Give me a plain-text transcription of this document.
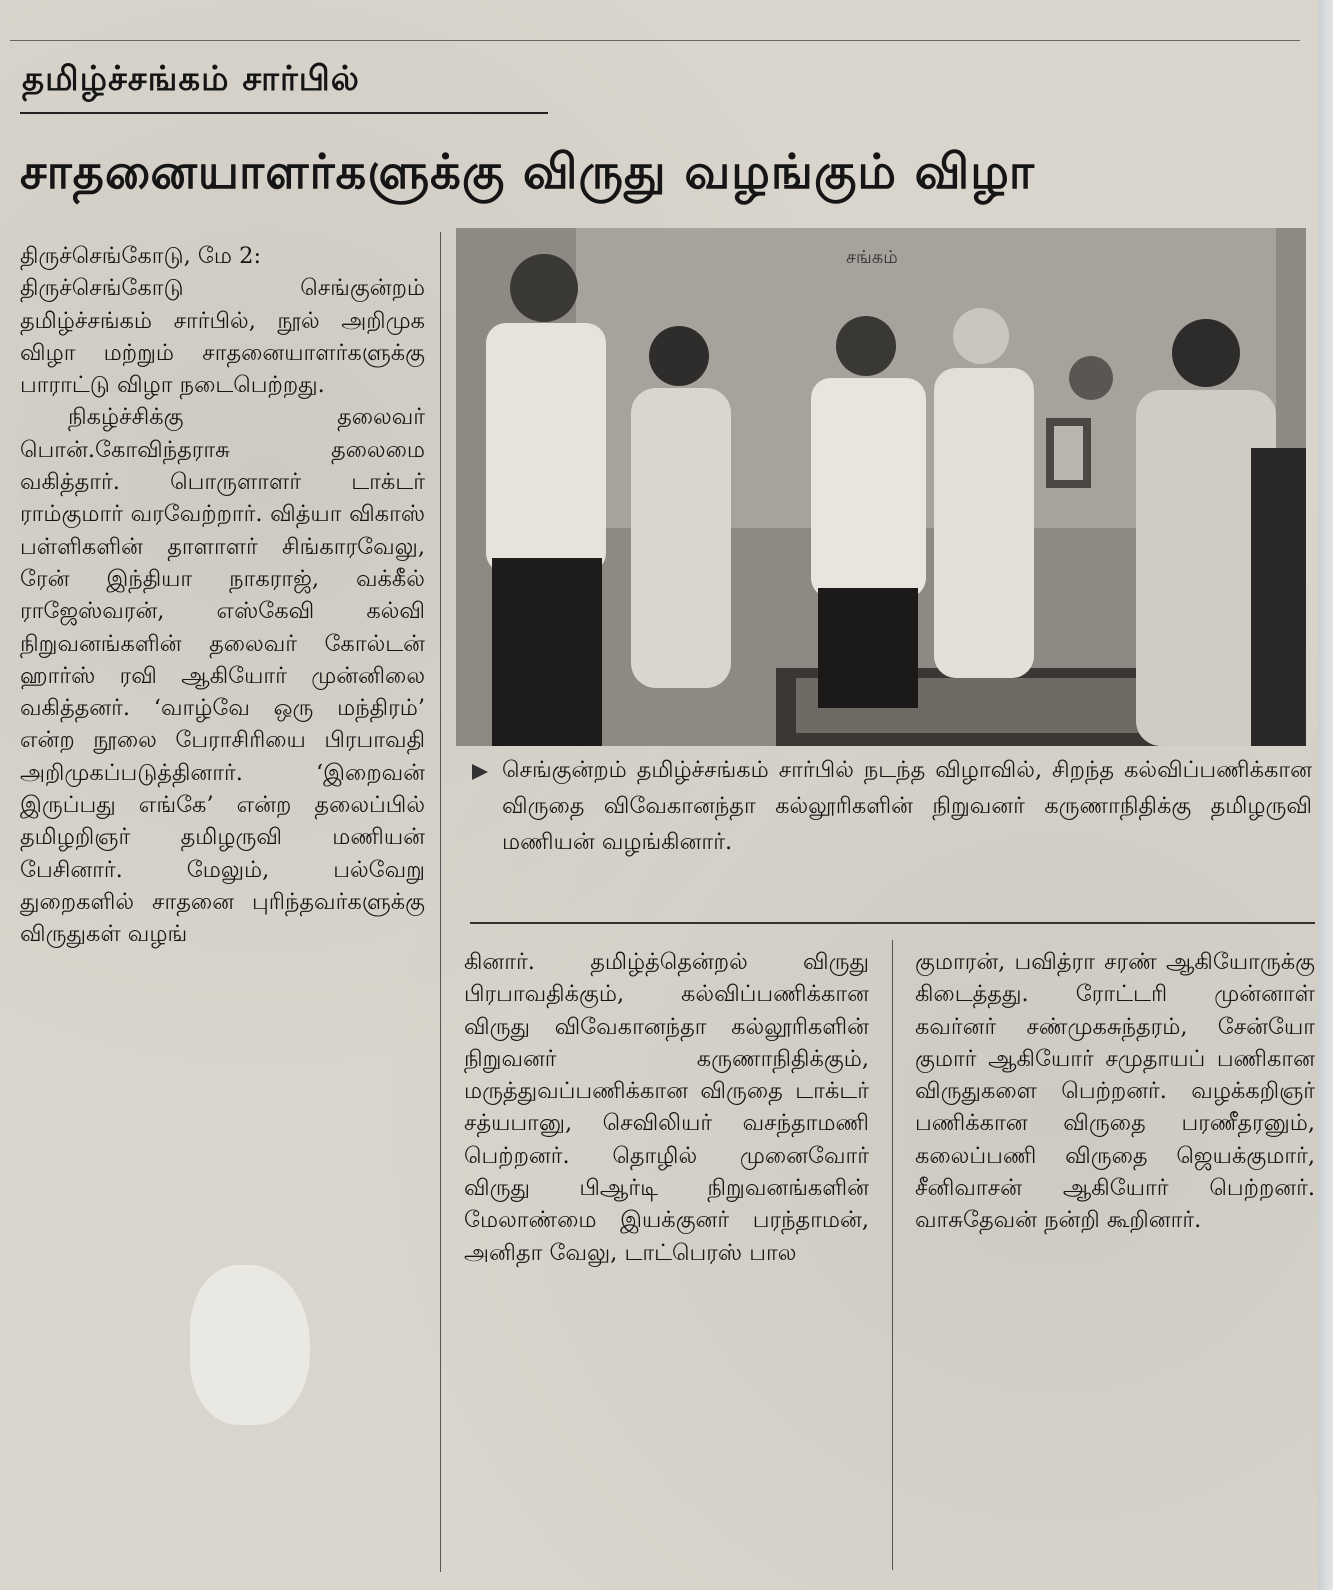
தமிழ்ச்சங்கம் சார்பில்
சாதனையாளர்களுக்கு விருது வழங்கும் விழா

திருச்செங்கோடு, மே 2:

திருச்செங்கோடு செங்குன்றம் தமிழ்ச்சங்கம் சார்பில், நூல் அறிமுக விழா மற்றும் சாதனையாளர்களுக்கு பாராட்டு விழா நடைபெற்றது.

நிகழ்ச்சிக்கு தலைவர் பொன்.கோவிந்தராசு தலைமை வகித்தார். பொருளாளர் டாக்டர் ராம்குமார் வரவேற்றார். வித்யா விகாஸ் பள்ளிகளின் தாளாளர் சிங்காரவேலு, ரேன் இந்தியா நாகராஜ், வக்கீல் ராஜேஸ்வரன், எஸ்கேவி கல்வி நிறுவனங்களின் தலைவர் கோல்டன் ஹார்ஸ் ரவி ஆகியோர் முன்னிலை வகித்தனர். ‘வாழ்வே ஒரு மந்திரம்’ என்ற நூலை பேராசிரியை பிரபாவதி அறிமுகப்படுத்தினார். ‘இறைவன் இருப்பது எங்கே’ என்ற தலைப்பில் தமிழறிஞர் தமிழருவி மணியன் பேசினார். மேலும், பல்வேறு துறைகளில் சாதனை புரிந்தவர்களுக்கு விருதுகள் வழங்

சங்கம்
செங்குன்றம் தமிழ்ச்சங்கம் சார்பில் நடந்த விழாவில், சிறந்த கல்விப்பணிக்கான விருதை விவேகானந்தா கல்லூரிகளின் நிறுவனர் கருணாநிதிக்கு தமிழருவி மணியன் வழங்கினார்.

கினார். தமிழ்த்தென்றல் விருது பிரபாவதிக்கும், கல்விப்பணிக்கான விருது விவேகானந்தா கல்லூரிகளின் நிறுவனர் கருணாநிதிக்கும், மருத்துவப்பணிக்கான விருதை டாக்டர் சத்யபானு, செவிலியர் வசந்தாமணி பெற்றனர். தொழில் முனைவோர் விருது பிஆர்டி நிறுவனங்களின் மேலாண்மை இயக்குனர் பரந்தாமன், அனிதா வேலு, டாட்பெரஸ் பால

குமாரன், பவித்ரா சரண் ஆகியோருக்கு கிடைத்தது. ரோட்டரி முன்னாள் கவர்னர் சண்முகசுந்தரம், சேன்யோ குமார் ஆகியோர் சமுதாயப் பணிகான விருதுகளை பெற்றனர். வழக்கறிஞர் பணிக்கான விருதை பரணீதரனும், கலைப்பணி விருதை ஜெயக்குமார், சீனிவாசன் ஆகியோர் பெற்றனர். வாசுதேவன் நன்றி கூறினார்.
